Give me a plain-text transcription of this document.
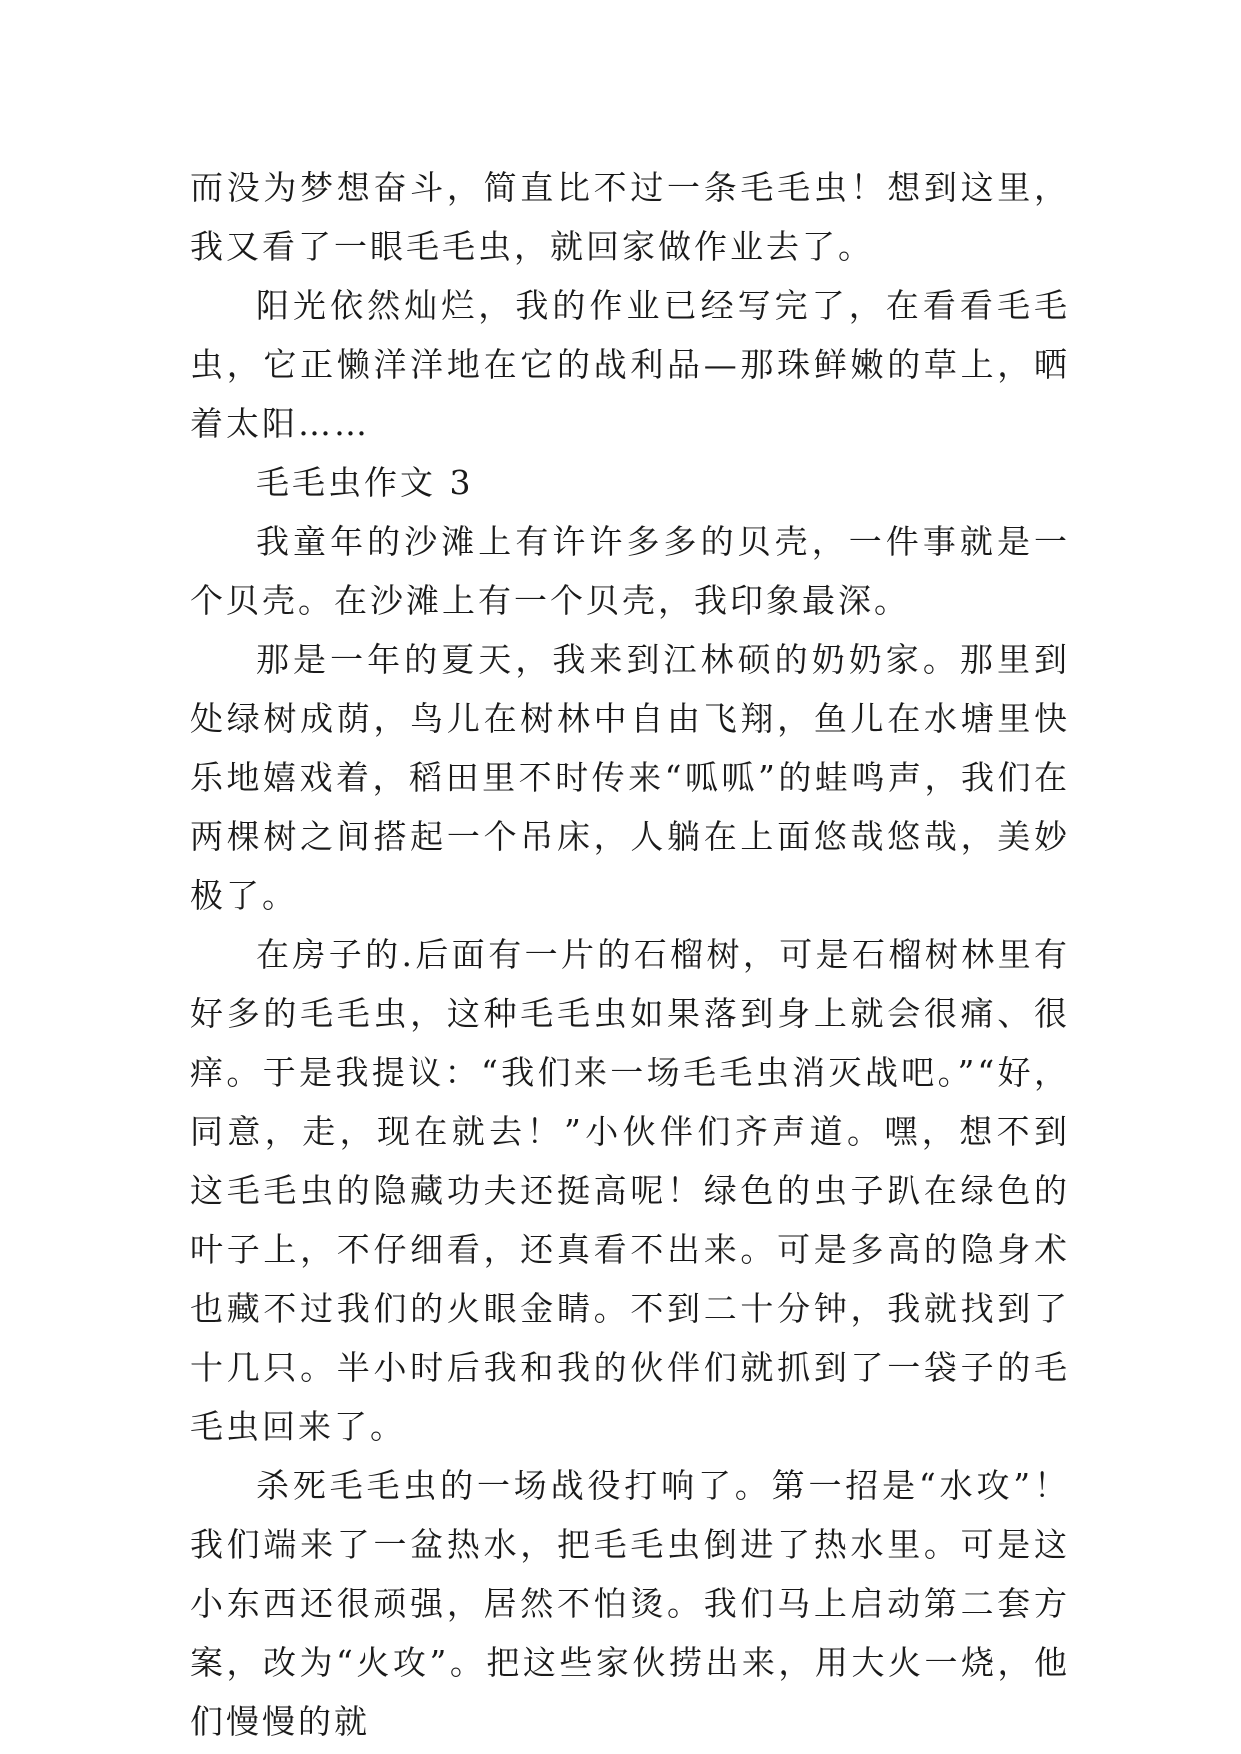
而没为梦想奋斗，简直比不过一条毛毛虫！想到这里，我又看了一眼毛毛虫，就回家做作业去了。

阳光依然灿烂，我的作业已经写完了，在看看毛毛虫，它正懒洋洋地在它的战利品—那珠鲜嫩的草上，晒着太阳……

毛毛虫作文 3

我童年的沙滩上有许许多多的贝壳，一件事就是一个贝壳。在沙滩上有一个贝壳，我印象最深。

那是一年的夏天，我来到江林硕的奶奶家。那里到处绿树成荫，鸟儿在树林中自由飞翔，鱼儿在水塘里快乐地嬉戏着，稻田里不时传来“呱呱”的蛙鸣声，我们在两棵树之间搭起一个吊床，人躺在上面悠哉悠哉，美妙极了。

在房子的.后面有一片的石榴树，可是石榴树林里有好多的毛毛虫，这种毛毛虫如果落到身上就会很痛、很痒。于是我提议：“我们来一场毛毛虫消灭战吧。”“好，同意，走，现在就去！”小伙伴们齐声道。嘿，想不到这毛毛虫的隐藏功夫还挺高呢！绿色的虫子趴在绿色的叶子上，不仔细看，还真看不出来。可是多高的隐身术也藏不过我们的火眼金睛。不到二十分钟，我就找到了十几只。半小时后我和我的伙伴们就抓到了一袋子的毛毛虫回来了。

杀死毛毛虫的一场战役打响了。第一招是“水攻”！我们端来了一盆热水，把毛毛虫倒进了热水里。可是这小东西还很顽强，居然不怕烫。我们马上启动第二套方案，改为“火攻”。把这些家伙捞出来，用大火一烧，他们慢慢的就
